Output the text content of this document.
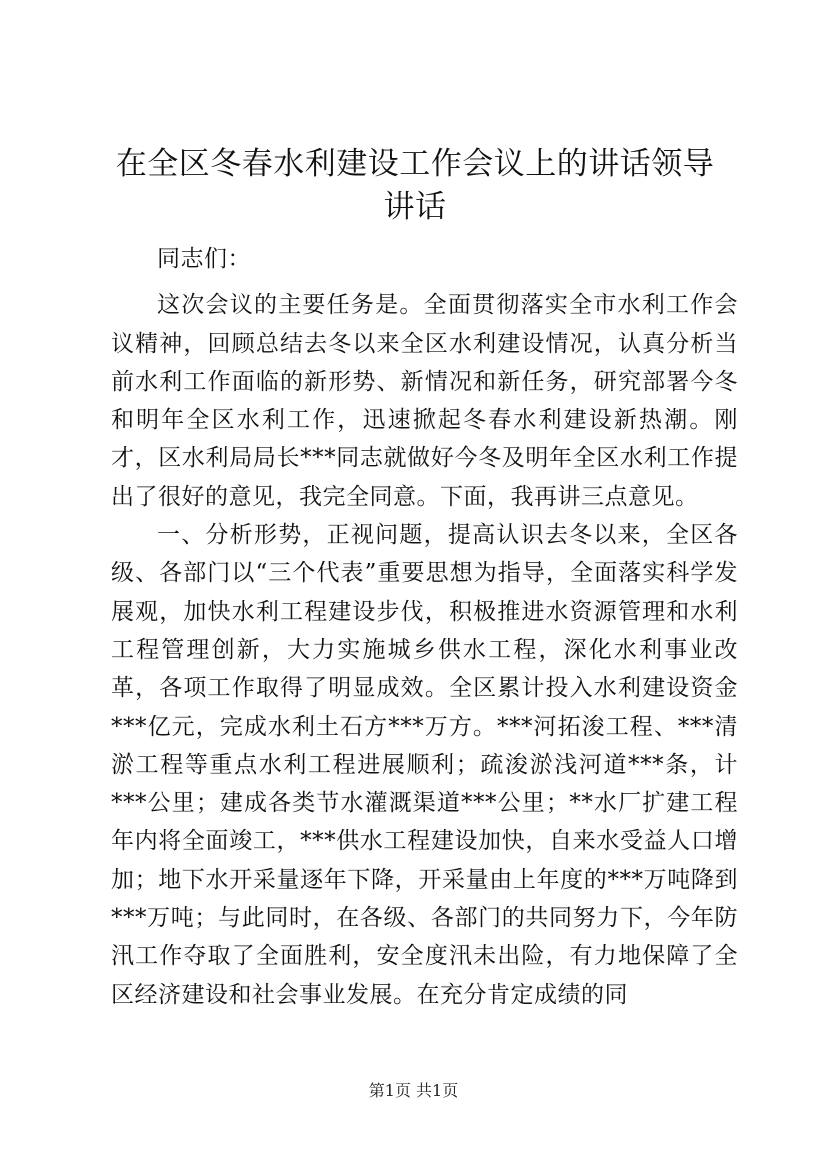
在全区冬春水利建设工作会议上的讲话领导讲话

同志们：

这次会议的主要任务是。全面贯彻落实全市水利工作会议精神，回顾总结去冬以来全区水利建设情况，认真分析当前水利工作面临的新形势、新情况和新任务，研究部署今冬和明年全区水利工作，迅速掀起冬春水利建设新热潮。刚才，区水利局局长***同志就做好今冬及明年全区水利工作提出了很好的意见，我完全同意。下面，我再讲三点意见。

一、分析形势，正视问题，提高认识去冬以来，全区各级、各部门以“三个代表”重要思想为指导，全面落实科学发展观，加快水利工程建设步伐，积极推进水资源管理和水利工程管理创新，大力实施城乡供水工程，深化水利事业改革，各项工作取得了明显成效。全区累计投入水利建设资金***亿元，完成水利土石方***万方。***河拓浚工程、***清淤工程等重点水利工程进展顺利；疏浚淤浅河道***条，计***公里；建成各类节水灌溉渠道***公里；**水厂扩建工程年内将全面竣工，***供水工程建设加快，自来水受益人口增加；地下水开采量逐年下降，开采量由上年度的***万吨降到***万吨；与此同时，在各级、各部门的共同努力下，今年防汛工作夺取了全面胜利，安全度汛未出险，有力地保障了全区经济建设和社会事业发展。在充分肯定成绩的同

第1页 共1页
